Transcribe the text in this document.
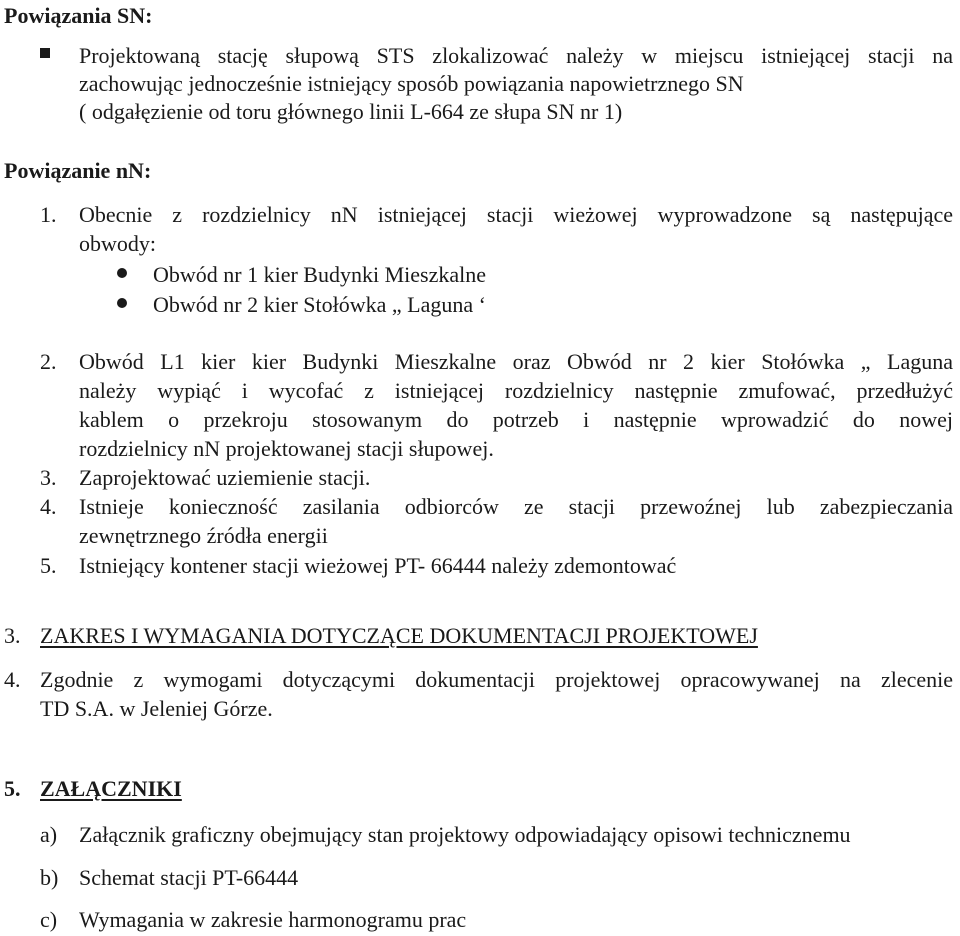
Powiązania SN:
Projektowaną stację słupową STS zlokalizować należy w miejscu istniejącej stacji na
zachowując jednocześnie istniejący sposób powiązania napowietrznego SN
( odgałęzienie od toru głównego linii L-664 ze słupa SN nr 1)
Powiązanie nN:
1. Obecnie z rozdzielnicy nN istniejącej stacji wieżowej wyprowadzone są następujące
obwody:
Obwód nr 1 kier Budynki Mieszkalne
Obwód nr 2 kier Stołówka „ Laguna ‘
2. Obwód L1 kier kier Budynki Mieszkalne oraz Obwód nr 2 kier Stołówka „ Laguna
należy wypiąć i wycofać z istniejącej rozdzielnicy następnie zmufować, przedłużyć
kablem o przekroju stosowanym do potrzeb i następnie wprowadzić do nowej
rozdzielnicy nN projektowanej stacji słupowej.
3. Zaprojektować uziemienie stacji.
4. Istnieje konieczność zasilania odbiorców ze stacji przewoźnej lub zabezpieczania
zewnętrznego źródła energii
5. Istniejący kontener stacji wieżowej PT- 66444 należy zdemontować
3. ZAKRES I WYMAGANIA DOTYCZĄCE DOKUMENTACJI PROJEKTOWEJ
4. Zgodnie z wymogami dotyczącymi dokumentacji projektowej opracowywanej na zlecenie
TD S.A. w Jeleniej Górze.
5. ZAŁĄCZNIKI
a) Załącznik graficzny obejmujący stan projektowy odpowiadający opisowi technicznemu
b) Schemat stacji PT-66444
c) Wymagania w zakresie harmonogramu prac
